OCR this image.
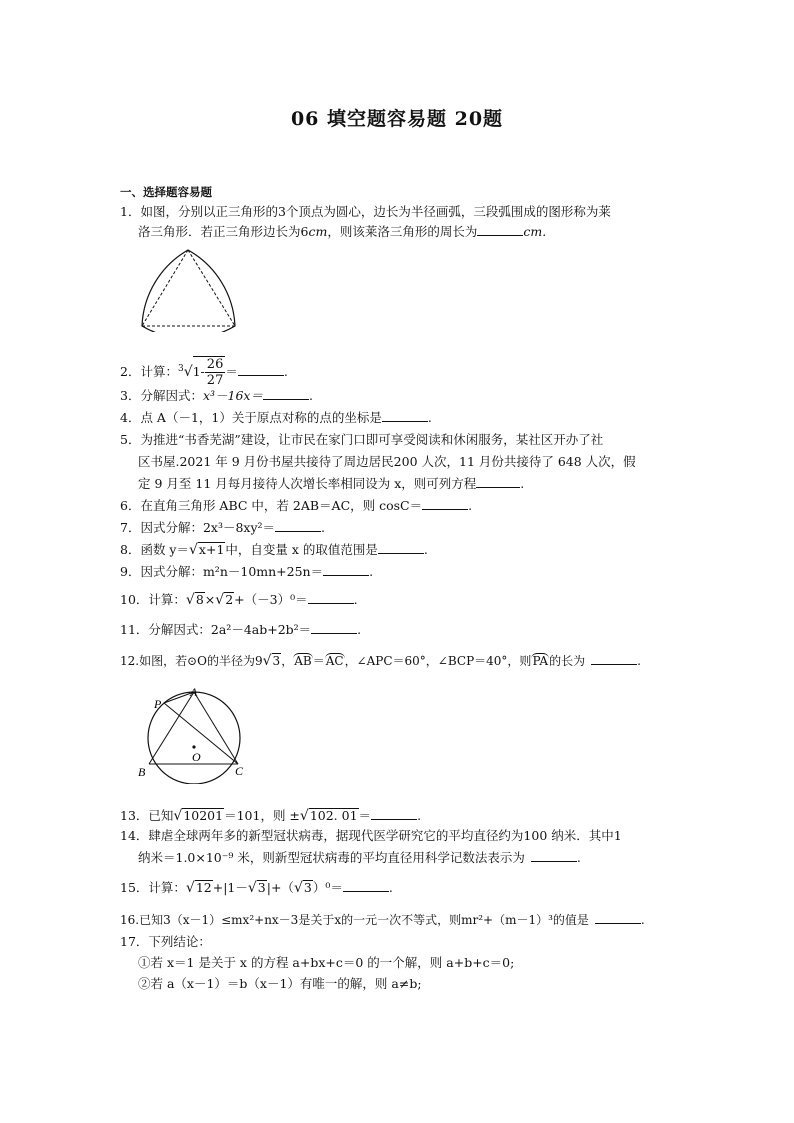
06 填空题容易题 20题
一、选择题容易题
1．如图，分别以正三角形的3个顶点为圆心，边长为半径画弧，三段弧围成的图形称为莱
洛三角形．若正三角形边长为6cm，则该莱洛三角形的周长为	cm.
2．计算：$^3√1- \frac{26}{27}$ ＝	.
3．分解因式：x³－16x＝	.
4．点 A（－1，1）关于原点对称的点的坐标是	.
5．为推进“书香芜湖”建设，让市民在家门口即可享受阅读和休闲服务，某社区开办了社
区书屋.2021 年 9 月份书屋共接待了周边居民200 人次，11 月份共接待了 648 人次，假
定 9 月至 11 月每月接待人次增长率相同设为 x，则可列方程	.
6．在直角三角形 ABC 中，若 2AB＝AC，则 cosC＝	.
7．因式分解：2x³－8xy²＝	.
8．函数 y＝√x+1中，自变量 x 的取值范围是	.
9．因式分解：m²n－10mn+25n＝	.
10．计算：√8×√2+（－3）⁰＝	.
11．分解因式：2a²－4ab+2b²＝	.
12.如图，若⊙O的半径为9√3，AB＝AC，∠APC＝60°，∠BCP＝40°，则PA的长为	.
A
P
B	C
O
13．已知√10201＝101，则 ±√102. 01＝	.
14．肆虐全球两年多的新型冠状病毒，据现代医学研究它的平均直径约为100 纳米．其中1
纳米＝1.0×10⁻⁹ 米，则新型冠状病毒的平均直径用科学记数法表示为	.
15．计算：√12+|1－√3|+（√3）⁰＝	.
16.已知3（x－1）≤mx²+nx－3是关于x的一元一次不等式，则mr²+（m－1）³的值是	.
17．下列结论：
①若 x＝1 是关于 x 的方程 a+bx+c＝0 的一个解，则 a+b+c＝0;
②若 a（x－1）＝b（x－1）有唯一的解，则 a≠b;
